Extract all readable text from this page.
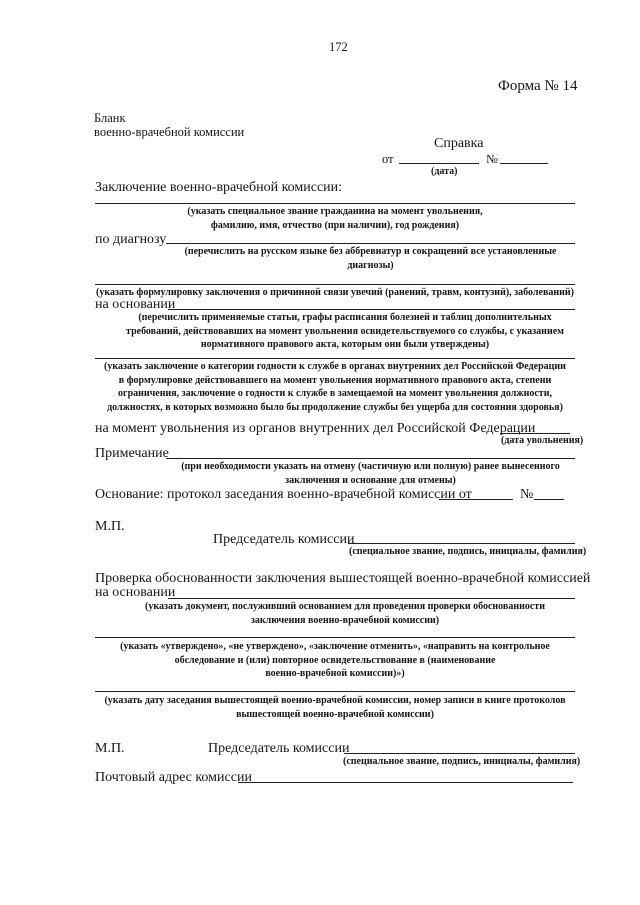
172
Форма № 14
Бланк
военно-врачебной комиссии
Справка
от	№
(дата)
Заключение военно-врачебной комиссии:
(указать специальное звание гражданина на момент увольнения,
фамилию, имя, отчество (при наличии), год рождения)
по диагнозу
(перечислить на русском языке без аббревиатур и сокращений все установленные
диагнозы)
(указать формулировку заключения о причинной связи увечий (ранений, травм, контузий), заболеваний)
на основании
(перечислить применяемые статьи, графы расписания болезней и таблиц дополнительных
требований, действовавших на момент увольнения освидетельствуемого со службы, с указанием
нормативного правового акта, которым они были утверждены)
(указать заключение о категории годности к службе в органах внутренних дел Российской Федерации
в формулировке действовавшего на момент увольнения нормативного правового акта, степени
ограничения, заключение о годности к службе в замещаемой на момент увольнения должности,
должностях, в которых возможно было бы продолжение службы без ущерба для состояния здоровья)
на момент увольнения из органов внутренних дел Российской Федерации
(дата увольнения)
Примечание
(при необходимости указать на отмену (частичную или полную) ранее вынесенного
заключения и основание для отмены)
Основание: протокол заседания военно-врачебной комиссии от	№
М.П.
Председатель комиссии
(специальное звание, подпись, инициалы, фамилия)
Проверка обоснованности заключения вышестоящей военно-врачебной комиссией
на основании
(указать документ, послуживший основанием для проведения проверки обоснованности
заключения военно-врачебной комиссии)
(указать «утверждено», «не утверждено», «заключение отменить», «направить на контрольное
обследование и (или) повторное освидетельствование в (наименование
военно-врачебной комиссии)»)
(указать дату заседания вышестоящей военно-врачебной комиссии, номер записи в книге протоколов
вышестоящей военно-врачебной комиссии)
М.П.	Председатель комиссии
(специальное звание, подпись, инициалы, фамилия)
Почтовый адрес комиссии
